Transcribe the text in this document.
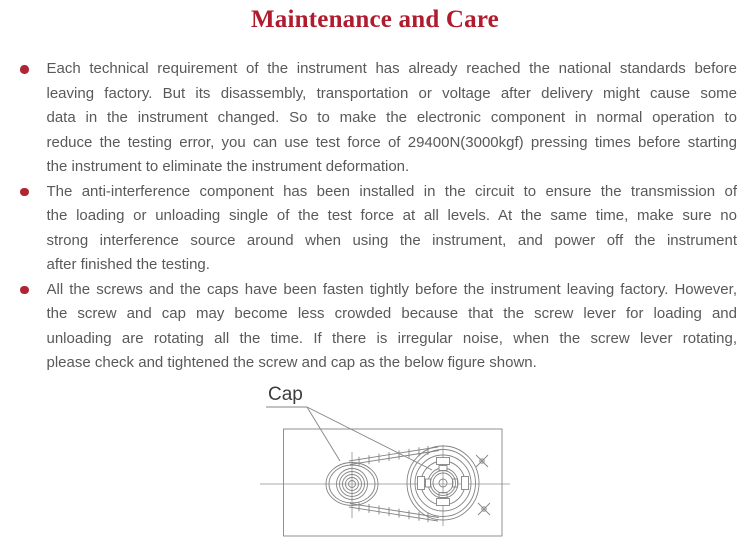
Maintenance and Care
Each technical requirement of the instrument has already reached the national standards before
leaving factory. But its disassembly, transportation or voltage after delivery might cause some
data in the instrument changed. So to make the electronic component in normal operation to
reduce the testing error, you can use test force of 29400N(3000kgf) pressing times before starting
the instrument to eliminate the instrument deformation.
The anti-interference component has been installed in the circuit to ensure the transmission of
the loading or unloading single of the test force at all levels. At the same time, make sure no
strong interference source around when using the instrument, and power off the instrument
after finished the testing.
All the screws and the caps have been fasten tightly before the instrument leaving factory. However,
the screw and cap may become less crowded because that the screw lever for loading and
unloading are rotating all the time. If there is irregular noise, when the screw lever rotating,
please check and tightened the screw and cap as the below figure shown.
Cap
